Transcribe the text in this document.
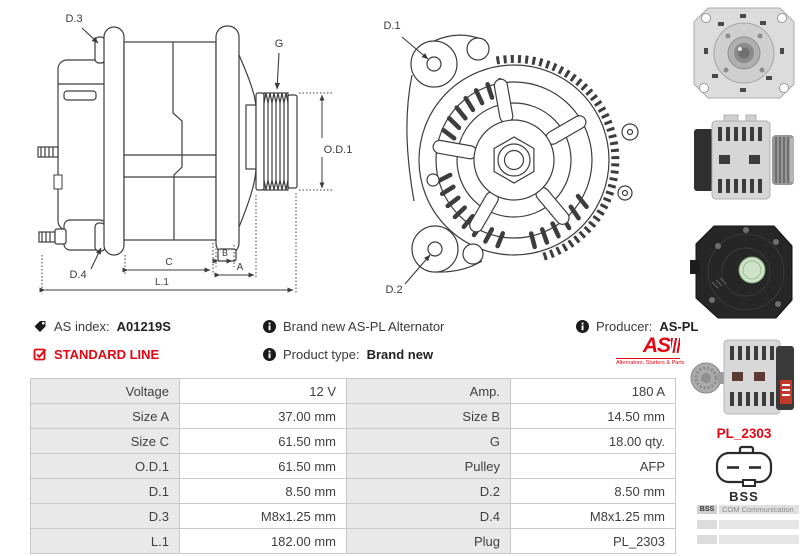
D.3
G
O.D.1
D.4
C
B
A
L.1
D.1
D.2
PL_2303
BSS
BSS	COM Communication
AS index: A01219S
STANDARD LINE
Brand new AS-PL Alternator
Product type: Brand new
Producer: AS-PL
AS
Alternators, Starters & Parts
Voltage	12 V	Amp.	180 A
Size A	37.00 mm	Size B	14.50 mm
Size C	61.50 mm	G	18.00 qty.
O.D.1	61.50 mm	Pulley	AFP
D.1	8.50 mm	D.2	8.50 mm
D.3	M8x1.25 mm	D.4	M8x1.25 mm
L.1	182.00 mm	Plug	PL_2303
